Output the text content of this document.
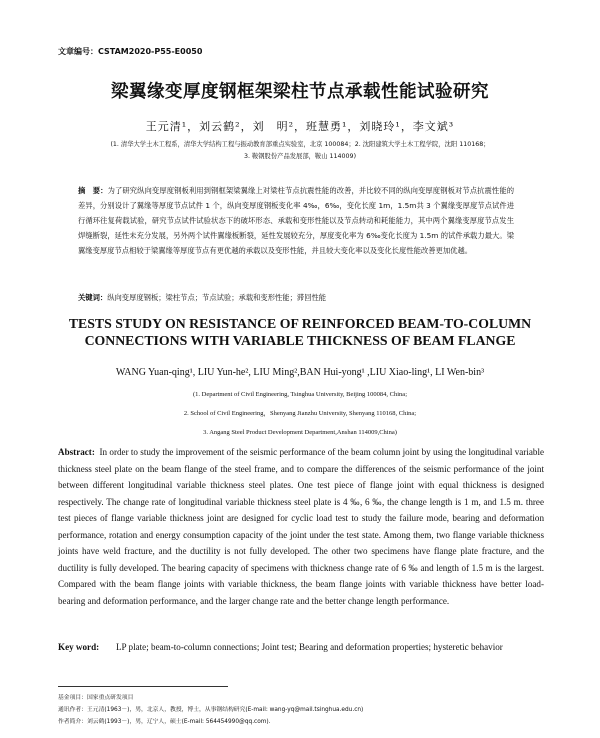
文章编号：CSTAM2020-P55-E0050
梁翼缘变厚度钢框架梁柱节点承载性能试验研究
王元清¹，刘云鹤²，刘　明²，班慧勇¹，刘晓玲¹，李文斌³
(1. 清华大学土木工程系，清华大学结构工程与振动教育部重点实验室，北京 100084；2. 沈阳建筑大学土木工程学院，沈阳 110168；
3. 鞍钢股份产品发展部，鞍山 114009)
摘　要：为了研究纵向变厚度钢板利用到钢框架梁翼缘上对梁柱节点抗震性能的改善，并比较不同的纵向变厚度钢板对节点抗震性能的差异，分别设计了翼缘等厚度节点试件 1 个，纵向变厚度钢板变化率 4‰，6‰，变化长度 1m，1.5m共 3 个翼缘变厚度节点试件进行循环往复荷载试验，研究节点试件试验状态下的破坏形态、承载和变形性能以及节点转动和耗能能力，其中两个翼缘变厚度节点发生焊缝断裂，延性未充分发展，另外两个试件翼缘板断裂，延性发展较充分，厚度变化率为 6‰变化长度为 1.5m 的试件承载力最大。梁翼缘变厚度节点相较于梁翼缘等厚度节点有更优越的承载以及变形性能，并且较大变化率以及变化长度性能改善更加优越。
关键词：纵向变厚度钢板；梁柱节点；节点试验；承载和变形性能；滞回性能
TESTS STUDY ON RESISTANCE OF REINFORCED BEAM-TO-COLUMN
CONNECTIONS WITH VARIABLE THICKNESS OF BEAM FLANGE
WANG Yuan-qing¹, LIU Yun-he², LIU Ming²,BAN Hui-yong¹ ,LIU Xiao-ling¹, LI Wen-bin³
(1. Department of Civil Engineering, Tsinghua University, Beijing 100084, China;
2. School of Civil Engineering，Shenyang Jianzhu University, Shenyang 110168, China;
3. Angang Steel Product Development Department,Anshan 114009,China)
Abstract: In order to study the improvement of the seismic performance of the beam column joint by using the longitudinal variable thickness steel plate on the beam flange of the steel frame, and to compare the differences of the seismic performance of the joint between different longitudinal variable thickness steel plates. One test piece of flange joint with equal thickness is designed respectively. The change rate of longitudinal variable thickness steel plate is 4 ‰, 6 ‰, the change length is 1 m, and 1.5 m. three test pieces of flange variable thickness joint are designed for cyclic load test to study the failure mode, bearing and deformation performance, rotation and energy consumption capacity of the joint under the test state. Among them, two flange variable thickness joints have weld fracture, and the ductility is not fully developed. The other two specimens have flange plate fracture, and the ductility is fully developed. The bearing capacity of specimens with thickness change rate of 6 ‰ and length of 1.5 m is the largest. Compared with the beam flange joints with variable thickness, the beam flange joints with variable thickness have better load-bearing and deformation performance, and the larger change rate and the better change length performance.
Key word:	LP plate; beam-to-column connections; Joint test; Bearing and deformation properties; hysteretic behavior
基金项目：国家重点研发项目
通讯作者：王元清(1963－)，男，北京人，教授，博士，从事钢结构研究(E-mail: wang-yq@mail.tsinghua.edu.cn)
作者简介：刘云鹤(1993－)，男，辽宁人，硕士(E-mail: 564454990@qq.com).
